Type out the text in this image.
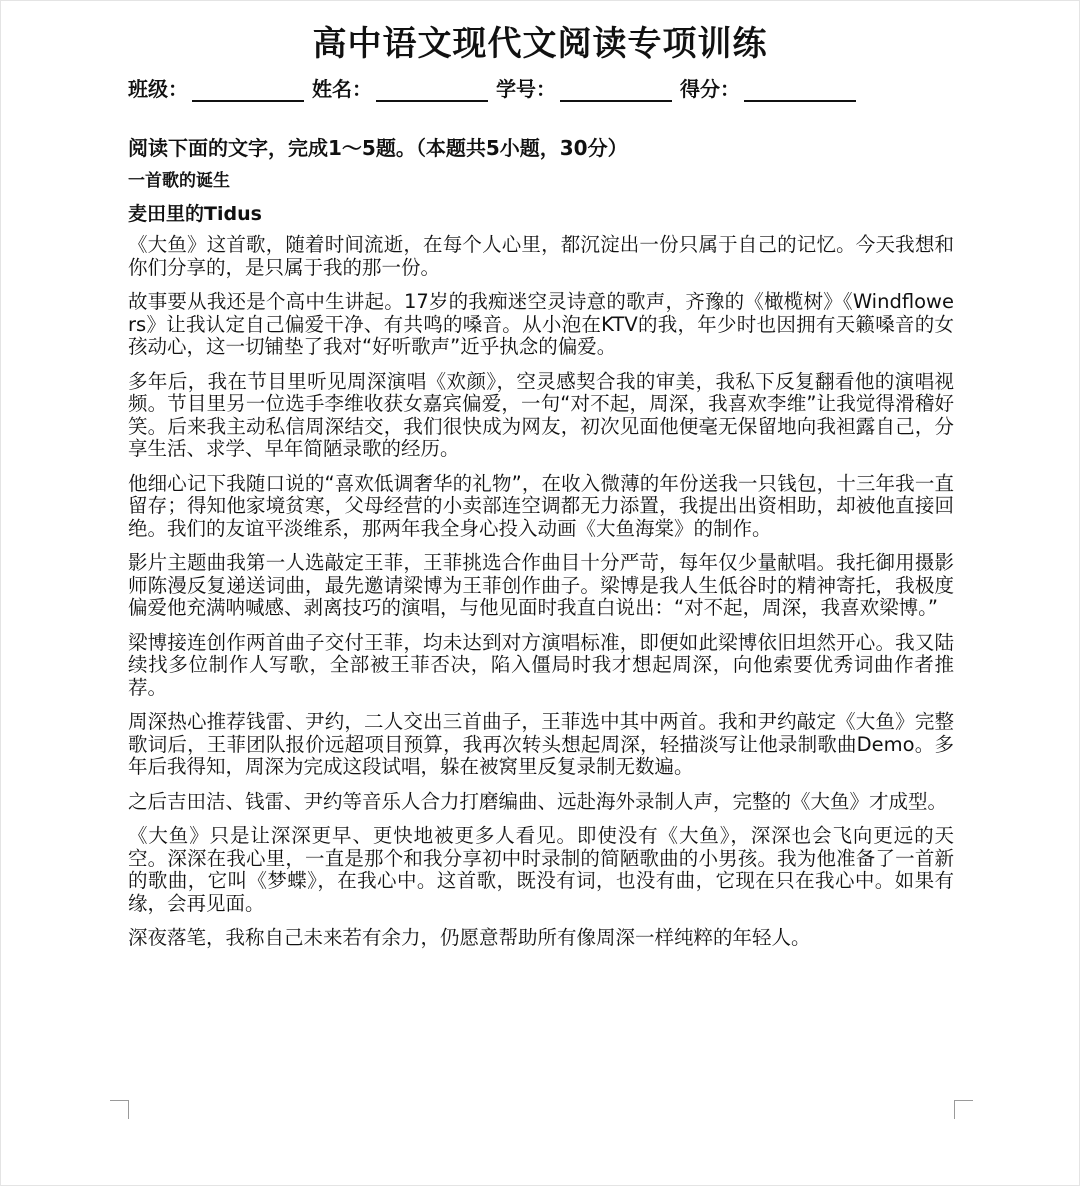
高中语文现代文阅读专项训练
班级：	姓名：	学号：	得分：

阅读下面的文字，完成1～5题。（本题共5小题，30分）

一首歌的诞生

麦田里的Tidus

《大鱼》这首歌，随着时间流逝，在每个人心里，都沉淀出一份只属于自己的记忆。今天我想和你们分享的，是只属于我的那一份。

故事要从我还是个高中生讲起。17岁的我痴迷空灵诗意的歌声，齐豫的《橄榄树》《Windflowers》让我认定自己偏爱干净、有共鸣的嗓音。从小泡在KTV的我，年少时也因拥有天籁嗓音的女孩动心，这一切铺垫了我对“好听歌声”近乎执念的偏爱。

多年后，我在节目里听见周深演唱《欢颜》，空灵感契合我的审美，我私下反复翻看他的演唱视频。节目里另一位选手李维收获女嘉宾偏爱，一句“对不起，周深，我喜欢李维”让我觉得滑稽好笑。后来我主动私信周深结交，我们很快成为网友，初次见面他便毫无保留地向我袒露自己，分享生活、求学、早年简陋录歌的经历。

他细心记下我随口说的“喜欢低调奢华的礼物”，在收入微薄的年份送我一只钱包，十三年我一直留存；得知他家境贫寒，父母经营的小卖部连空调都无力添置，我提出出资相助，却被他直接回绝。我们的友谊平淡维系，那两年我全身心投入动画《大鱼海棠》的制作。

影片主题曲我第一人选敲定王菲，王菲挑选合作曲目十分严苛，每年仅少量献唱。我托御用摄影师陈漫反复递送词曲，最先邀请梁博为王菲创作曲子。梁博是我人生低谷时的精神寄托，我极度偏爱他充满呐喊感、剥离技巧的演唱，与他见面时我直白说出：“对不起，周深，我喜欢梁博。”

梁博接连创作两首曲子交付王菲，均未达到对方演唱标准，即便如此梁博依旧坦然开心。我又陆续找多位制作人写歌，全部被王菲否决，陷入僵局时我才想起周深，向他索要优秀词曲作者推荐。

周深热心推荐钱雷、尹约，二人交出三首曲子，王菲选中其中两首。我和尹约敲定《大鱼》完整歌词后，王菲团队报价远超项目预算，我再次转头想起周深，轻描淡写让他录制歌曲Demo。多年后我得知，周深为完成这段试唱，躲在被窝里反复录制无数遍。

之后吉田洁、钱雷、尹约等音乐人合力打磨编曲、远赴海外录制人声，完整的《大鱼》才成型。

《大鱼》只是让深深更早、更快地被更多人看见。即使没有《大鱼》，深深也会飞向更远的天空。深深在我心里，一直是那个和我分享初中时录制的简陋歌曲的小男孩。我为他准备了一首新的歌曲，它叫《梦蝶》，在我心中。这首歌，既没有词，也没有曲，它现在只在我心中。如果有缘，会再见面。

深夜落笔，我称自己未来若有余力，仍愿意帮助所有像周深一样纯粹的年轻人。
